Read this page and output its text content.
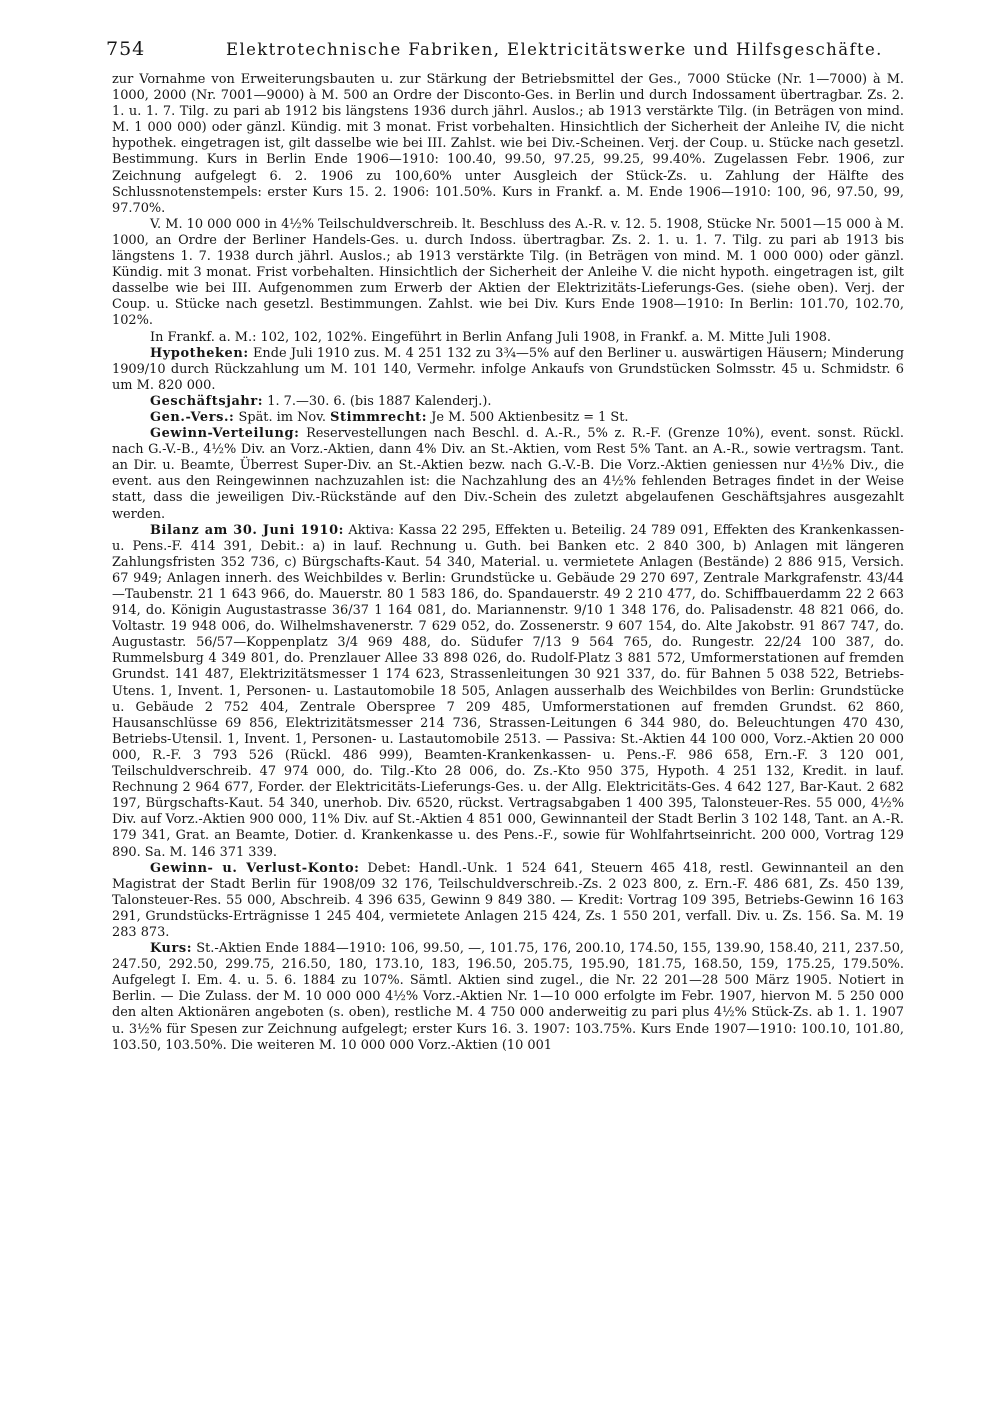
754	Elektrotechnische Fabriken, Elektricitätswerke und Hilfsgeschäfte.

zur Vornahme von Erweiterungsbauten u. zur Stärkung der Betriebsmittel der Ges., 7000 Stücke (Nr. 1—7000) à M. 1000, 2000 (Nr. 7001—9000) à M. 500 an Ordre der Disconto-Ges. in Berlin und durch Indossament übertragbar. Zs. 2. 1. u. 1. 7. Tilg. zu pari ab 1912 bis längstens 1936 durch jährl. Auslos.; ab 1913 verstärkte Tilg. (in Beträgen von mind. M. 1 000 000) oder gänzl. Kündig. mit 3 monat. Frist vorbehalten. Hinsichtlich der Sicherheit der Anleihe IV, die nicht hypothek. eingetragen ist, gilt dasselbe wie bei III. Zahlst. wie bei Div.-Scheinen. Verj. der Coup. u. Stücke nach gesetzl. Bestimmung. Kurs in Berlin Ende 1906—1910: 100.40, 99.50, 97.25, 99.25, 99.40%. Zugelassen Febr. 1906, zur Zeichnung aufgelegt 6. 2. 1906 zu 100,60% unter Ausgleich der Stück-Zs. u. Zahlung der Hälfte des Schlussnotenstempels: erster Kurs 15. 2. 1906: 101.50%. Kurs in Frankf. a. M. Ende 1906—1910: 100, 96, 97.50, 99, 97.70%.

V. M. 10 000 000 in 4½% Teilschuldverschreib. lt. Beschluss des A.-R. v. 12. 5. 1908, Stücke Nr. 5001—15 000 à M. 1000, an Ordre der Berliner Handels-Ges. u. durch Indoss. übertragbar. Zs. 2. 1. u. 1. 7. Tilg. zu pari ab 1913 bis längstens 1. 7. 1938 durch jährl. Auslos.; ab 1913 verstärkte Tilg. (in Beträgen von mind. M. 1 000 000) oder gänzl. Kündig. mit 3 monat. Frist vorbehalten. Hinsichtlich der Sicherheit der Anleihe V. die nicht hypoth. eingetragen ist, gilt dasselbe wie bei III. Aufgenommen zum Erwerb der Aktien der Elektrizitäts-Lieferungs-Ges. (siehe oben). Verj. der Coup. u. Stücke nach gesetzl. Bestimmungen. Zahlst. wie bei Div. Kurs Ende 1908—1910: In Berlin: 101.70, 102.70, 102%.

In Frankf. a. M.: 102, 102, 102%. Eingeführt in Berlin Anfang Juli 1908, in Frankf. a. M. Mitte Juli 1908.

Hypotheken: Ende Juli 1910 zus. M. 4 251 132 zu 3¾—5% auf den Berliner u. auswärtigen Häusern; Minderung 1909/10 durch Rückzahlung um M. 101 140, Vermehr. infolge Ankaufs von Grundstücken Solmsstr. 45 u. Schmidstr. 6 um M. 820 000.

Geschäftsjahr: 1. 7.—30. 6. (bis 1887 Kalenderj.).

Gen.-Vers.: Spät. im Nov. Stimmrecht: Je M. 500 Aktienbesitz = 1 St.

Gewinn-Verteilung: Reservestellungen nach Beschl. d. A.-R., 5% z. R.-F. (Grenze 10%), event. sonst. Rückl. nach G.-V.-B., 4½% Div. an Vorz.-Aktien, dann 4% Div. an St.-Aktien, vom Rest 5% Tant. an A.-R., sowie vertragsm. Tant. an Dir. u. Beamte, Überrest Super-Div. an St.-Aktien bezw. nach G.-V.-B. Die Vorz.-Aktien geniessen nur 4½% Div., die event. aus den Reingewinnen nachzuzahlen ist: die Nachzahlung des an 4½% fehlenden Betrages findet in der Weise statt, dass die jeweiligen Div.-Rückstände auf den Div.-Schein des zuletzt abgelaufenen Geschäftsjahres ausgezahlt werden.

Bilanz am 30. Juni 1910: Aktiva: Kassa 22 295, Effekten u. Beteilig. 24 789 091, Effekten des Krankenkassen- u. Pens.-F. 414 391, Debit.: a) in lauf. Rechnung u. Guth. bei Banken etc. 2 840 300, b) Anlagen mit längeren Zahlungsfristen 352 736, c) Bürgschafts-Kaut. 54 340, Material. u. vermietete Anlagen (Bestände) 2 886 915, Versich. 67 949; Anlagen innerh. des Weichbildes v. Berlin: Grundstücke u. Gebäude 29 270 697, Zentrale Markgrafenstr. 43/44—Taubenstr. 21 1 643 966, do. Mauerstr. 80 1 583 186, do. Spandauerstr. 49 2 210 477, do. Schiffbauerdamm 22 2 663 914, do. Königin Augustastrasse 36/37 1 164 081, do. Mariannenstr. 9/10 1 348 176, do. Palisadenstr. 48 821 066, do. Voltastr. 19 948 006, do. Wilhelmshavenerstr. 7 629 052, do. Zossenerstr. 9 607 154, do. Alte Jakobstr. 91 867 747, do. Augustastr. 56/57—Koppenplatz 3/4 969 488, do. Südufer 7/13 9 564 765, do. Rungestr. 22/24 100 387, do. Rummelsburg 4 349 801, do. Prenzlauer Allee 33 898 026, do. Rudolf-Platz 3 881 572, Umformerstationen auf fremden Grundst. 141 487, Elektrizitätsmesser 1 174 623, Strassenleitungen 30 921 337, do. für Bahnen 5 038 522, Betriebs-Utens. 1, Invent. 1, Personen- u. Lastautomobile 18 505, Anlagen ausserhalb des Weichbildes von Berlin: Grundstücke u. Gebäude 2 752 404, Zentrale Oberspree 7 209 485, Umformerstationen auf fremden Grundst. 62 860, Hausanschlüsse 69 856, Elektrizitätsmesser 214 736, Strassen-Leitungen 6 344 980, do. Beleuchtungen 470 430, Betriebs-Utensil. 1, Invent. 1, Personen- u. Lastautomobile 2513. — Passiva: St.-Aktien 44 100 000, Vorz.-Aktien 20 000 000, R.-F. 3 793 526 (Rückl. 486 999), Beamten-Krankenkassen- u. Pens.-F. 986 658, Ern.-F. 3 120 001, Teilschuldverschreib. 47 974 000, do. Tilg.-Kto 28 006, do. Zs.-Kto 950 375, Hypoth. 4 251 132, Kredit. in lauf. Rechnung 2 964 677, Forder. der Elektricitäts-Lieferungs-Ges. u. der Allg. Elektricitäts-Ges. 4 642 127, Bar-Kaut. 2 682 197, Bürgschafts-Kaut. 54 340, unerhob. Div. 6520, rückst. Vertragsabgaben 1 400 395, Talonsteuer-Res. 55 000, 4½% Div. auf Vorz.-Aktien 900 000, 11% Div. auf St.-Aktien 4 851 000, Gewinnanteil der Stadt Berlin 3 102 148, Tant. an A.-R. 179 341, Grat. an Beamte, Dotier. d. Krankenkasse u. des Pens.-F., sowie für Wohlfahrtseinricht. 200 000, Vortrag 129 890. Sa. M. 146 371 339.

Gewinn- u. Verlust-Konto: Debet: Handl.-Unk. 1 524 641, Steuern 465 418, restl. Gewinnanteil an den Magistrat der Stadt Berlin für 1908/09 32 176, Teilschuldverschreib.-Zs. 2 023 800, z. Ern.-F. 486 681, Zs. 450 139, Talonsteuer-Res. 55 000, Abschreib. 4 396 635, Gewinn 9 849 380. — Kredit: Vortrag 109 395, Betriebs-Gewinn 16 163 291, Grundstücks-Erträgnisse 1 245 404, vermietete Anlagen 215 424, Zs. 1 550 201, verfall. Div. u. Zs. 156. Sa. M. 19 283 873.

Kurs: St.-Aktien Ende 1884—1910: 106, 99.50, —, 101.75, 176, 200.10, 174.50, 155, 139.90, 158.40, 211, 237.50, 247.50, 292.50, 299.75, 216.50, 180, 173.10, 183, 196.50, 205.75, 195.90, 181.75, 168.50, 159, 175.25, 179.50%. Aufgelegt I. Em. 4. u. 5. 6. 1884 zu 107%. Sämtl. Aktien sind zugel., die Nr. 22 201—28 500 März 1905. Notiert in Berlin. — Die Zulass. der M. 10 000 000 4½% Vorz.-Aktien Nr. 1—10 000 erfolgte im Febr. 1907, hiervon M. 5 250 000 den alten Aktionären angeboten (s. oben), restliche M. 4 750 000 anderweitig zu pari plus 4½% Stück-Zs. ab 1. 1. 1907 u. 3½% für Spesen zur Zeichnung aufgelegt; erster Kurs 16. 3. 1907: 103.75%. Kurs Ende 1907—1910: 100.10, 101.80, 103.50, 103.50%. Die weiteren M. 10 000 000 Vorz.-Aktien (10 001
